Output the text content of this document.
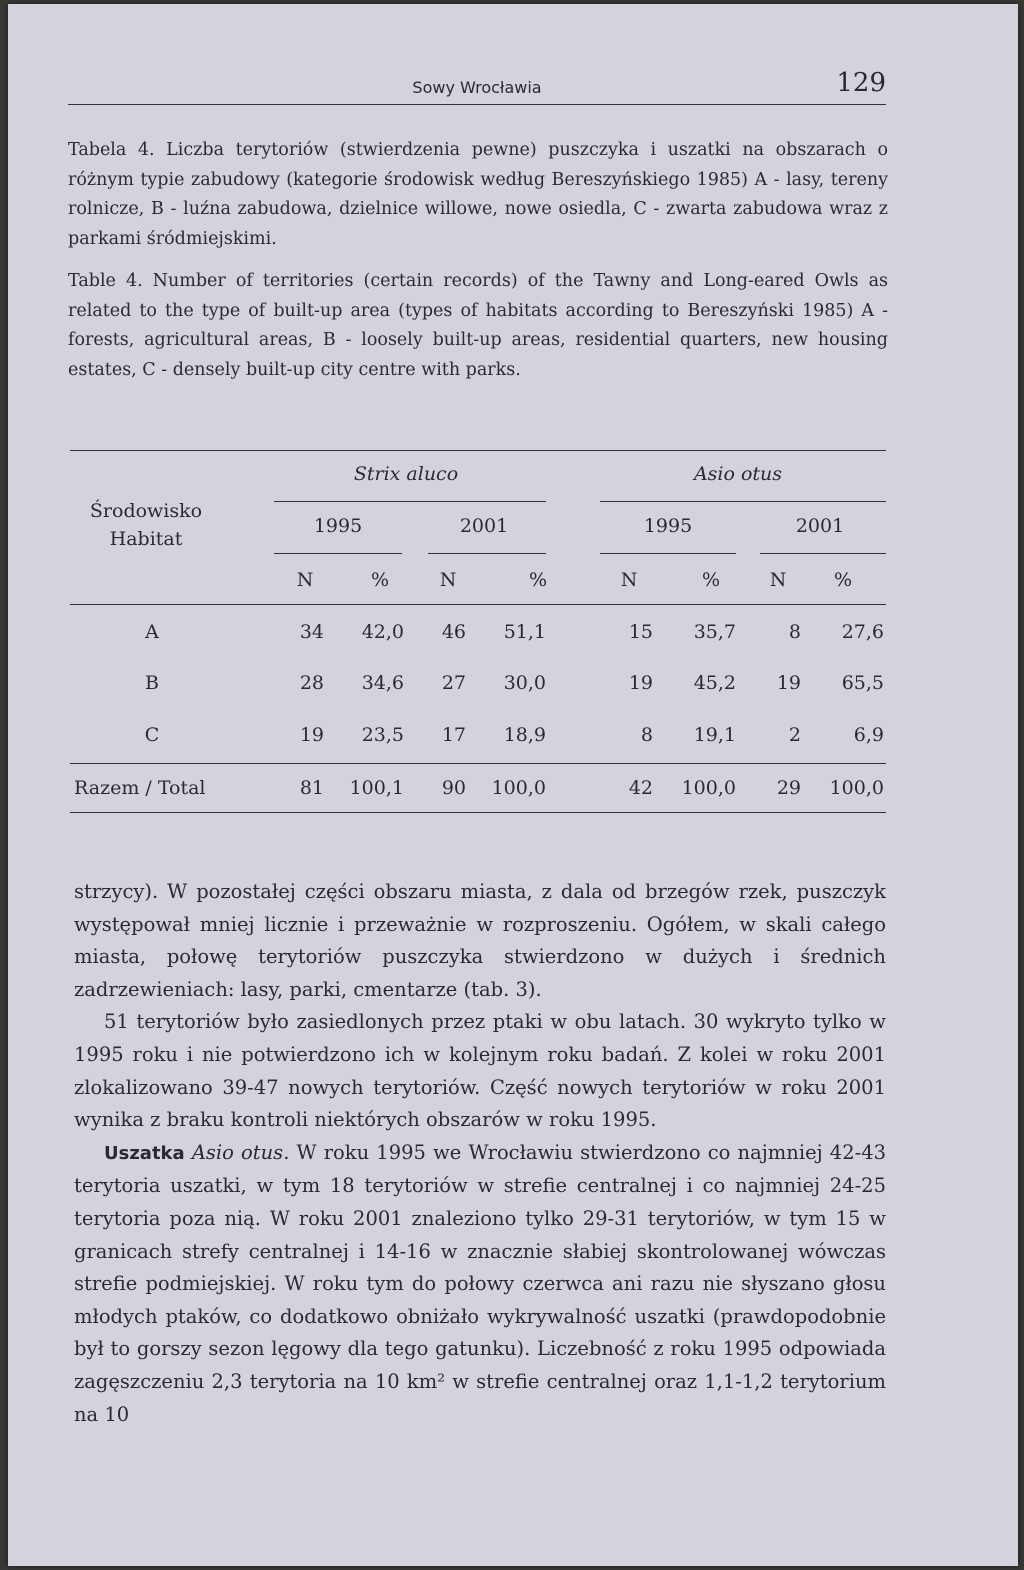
Sowy Wrocławia	129

Tabela 4. Liczba terytoriów (stwierdzenia pewne) puszczyka i uszatki na obszarach o różnym typie zabudowy (kategorie środowisk według Bereszyńskiego 1985) A - lasy, tereny rolnicze, B - luźna zabudowa, dzielnice willowe, nowe osiedla, C - zwarta zabudowa wraz z parkami śródmiejskimi.

Table 4. Number of territories (certain records) of the Tawny and Long-eared Owls as related to the type of built-up area (types of habitats according to Bereszyński 1985) A - forests, agricultural areas, B - loosely built-up areas, residential quarters, new housing estates, C - densely built-up city centre with parks.

Środowisko
Habitat
Strix aluco	Asio otus
1995	2001	1995	2001
N	%	N	%	N	%	N	%
A	34 42,0 46 51,1	15 35,7	8 27,6
B	28 34,6 27 30,0	19 45,2 19 65,5
C	19 23,5 17 18,9	8 19,1	2	6,9
Razem / Total	81 100,1 90 100,0	42 100,0 29 100,0

strzycy). W pozostałej części obszaru miasta, z dala od brzegów rzek, puszczyk występował mniej licznie i przeważnie w rozproszeniu. Ogółem, w skali całego miasta, połowę terytoriów puszczyka stwierdzono w dużych i średnich zadrzewieniach: lasy, parki, cmentarze (tab. 3).

51 terytoriów było zasiedlonych przez ptaki w obu latach. 30 wykryto tylko w 1995 roku i nie potwierdzono ich w kolejnym roku badań. Z kolei w roku 2001 zlokalizowano 39-47 nowych terytoriów. Część nowych terytoriów w roku 2001 wynika z braku kontroli niektórych obszarów w roku 1995.

Uszatka Asio otus. W roku 1995 we Wrocławiu stwierdzono co najmniej 42-43 terytoria uszatki, w tym 18 terytoriów w strefie centralnej i co najmniej 24-25 terytoria poza nią. W roku 2001 znaleziono tylko 29-31 terytoriów, w tym 15 w granicach strefy centralnej i 14-16 w znacznie słabiej skontrolowanej wówczas strefie podmiejskiej. W roku tym do połowy czerwca ani razu nie słyszano głosu młodych ptaków, co dodatkowo obniżało wykrywalność uszatki (prawdopodobnie był to gorszy sezon lęgowy dla tego gatunku). Liczebność z roku 1995 odpowiada zagęszczeniu 2,3 terytoria na 10 km² w strefie centralnej oraz 1,1-1,2 terytorium na 10
